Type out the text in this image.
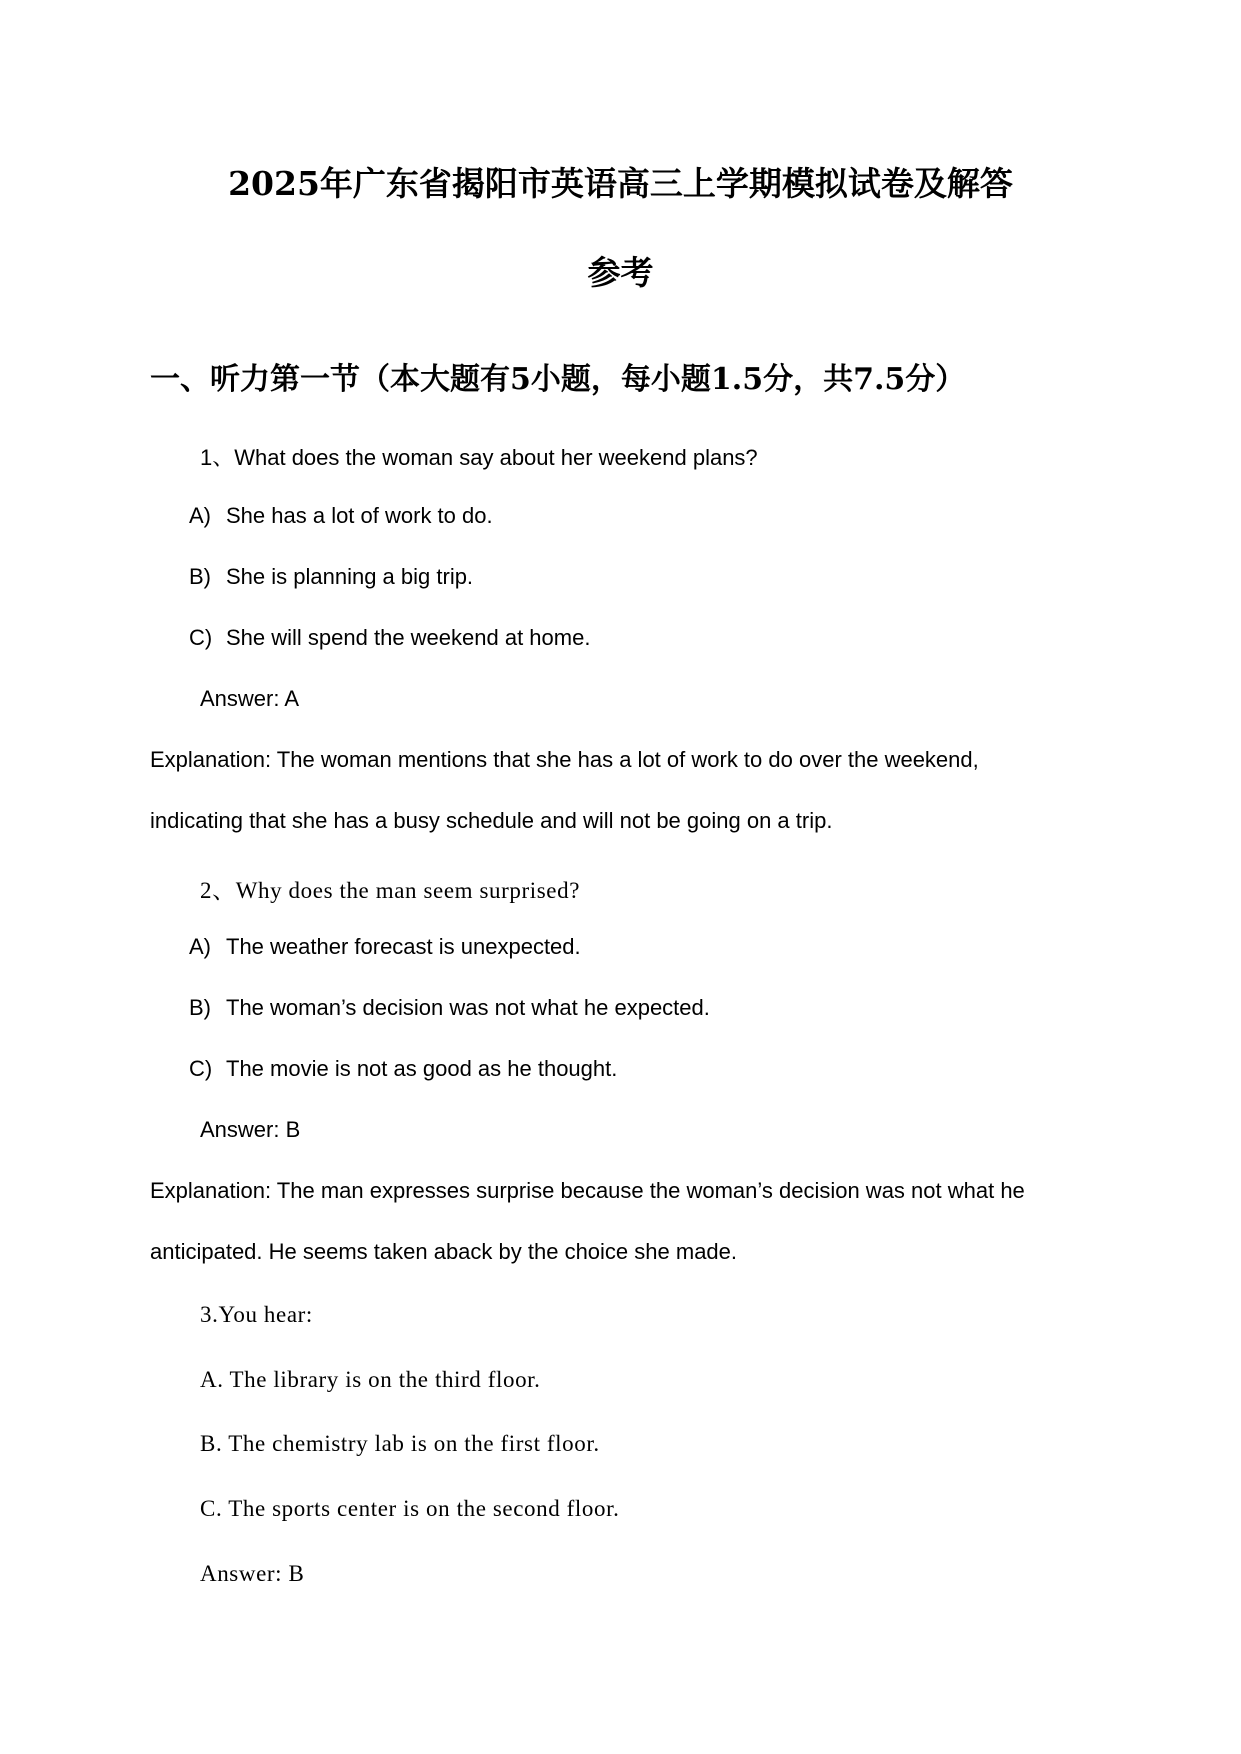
2025年广东省揭阳市英语高三上学期模拟试卷及解答
参考
一、听力第一节（本大题有5小题，每小题1.5分，共7.5分）
1、What does the woman say about her weekend plans?
A) She has a lot of work to do.
B) She is planning a big trip.
C) She will spend the weekend at home.
Answer: A
Explanation: The woman mentions that she has a lot of work to do over the weekend,
indicating that she has a busy schedule and will not be going on a trip.
2、Why does the man seem surprised?
A) The weather forecast is unexpected.
B) The woman’s decision was not what he expected.
C) The movie is not as good as he thought.
Answer: B
Explanation: The man expresses surprise because the woman’s decision was not what he
anticipated. He seems taken aback by the choice she made.
3.You hear:
A. The library is on the third floor.
B. The chemistry lab is on the first floor.
C. The sports center is on the second floor.
Answer: B
